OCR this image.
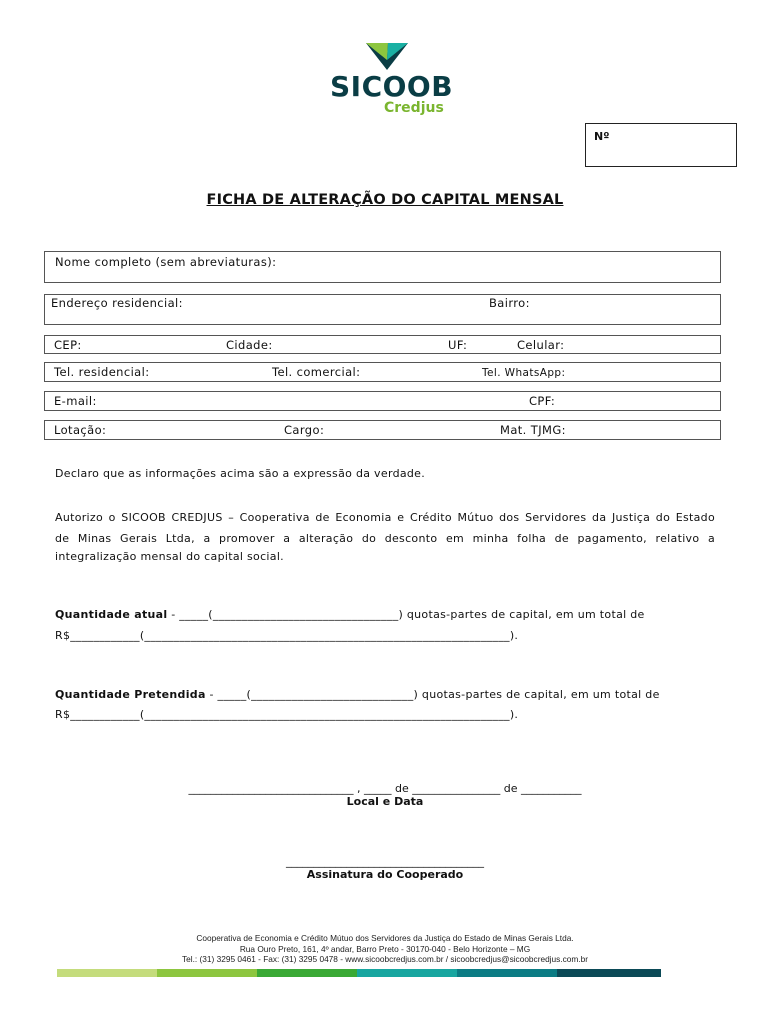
SICOOB
Credjus
Nº
FICHA DE ALTERAÇÃO DO CAPITAL MENSAL
Nome completo (sem abreviaturas):
Endereço residencial:	Bairro:
CEP:	Cidade:	UF:	Celular:
Tel. residencial:	Tel. comercial:	Tel. WhatsApp:
E-mail:	CPF:
Lotação:	Cargo:	Mat. TJMG:
Declaro que as informações acima são a expressão da verdade.
Autorizo o SICOOB CREDJUS – Cooperativa de Economia e Crédito Mútuo dos Servidores da Justiça do Estado
de Minas Gerais Ltda, a promover a alteração do desconto em minha folha de pagamento, relativo a
integralização mensal do capital social.
Quantidade atual - _____(________________________________) quotas-partes de capital, em um total de
R$____________(_______________________________________________________________).
Quantidade Pretendida - _____(____________________________) quotas-partes de capital, em um total de
R$____________(_______________________________________________________________).
______________________________ , _____ de ________________ de ___________
Local e Data
____________________________________
Assinatura do Cooperado
Cooperativa de Economia e Crédito Mútuo dos Servidores da Justiça do Estado de Minas Gerais Ltda.
Rua Ouro Preto, 161, 4º andar, Barro Preto - 30170-040 - Belo Horizonte – MG
Tel.: (31) 3295 0461 - Fax: (31) 3295 0478 - www.sicoobcredjus.com.br / sicoobcredjus@sicoobcredjus.com.br
